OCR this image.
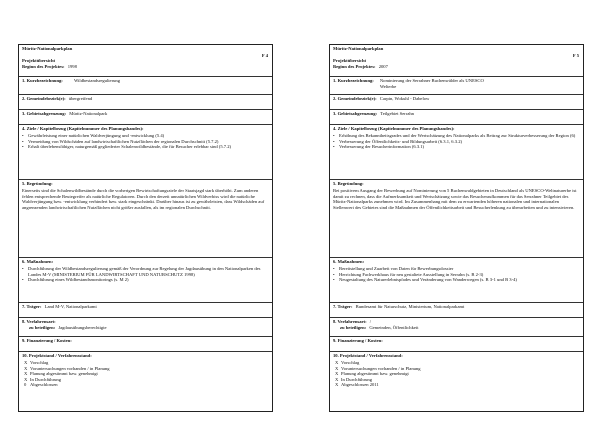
Müritz-Nationalparkplan
F 4
Projektübersicht
Beginn des Projektes: 1998
1. Kurzbezeichnung: Wildbestandsregulierung
2. Gemeindebezirk(e): übergreifend
3. Gebietsabgrenzung: Müritz-Nationalpark
4. Ziele / Kapitelbezug (Kapitelnummer des Planungsbandes):
• Gewährleistung einer natürlichen Waldverjüngung und -entwicklung (5.4)
• Vermeidung von Wildschäden auf landwirtschaftlichen Nutzflächen der regionalen Durchschnitt (5.7.2)
• Erhalt überlebensfähiger, naturgemäß gegliederter Schalenwildbestände, die für Besucher erlebbar sind (5.7.2)
5. Begründung:
Einerseits sind die Schalenwildbestände durch die vorherigen Bewirtschaftungsziele der Staatsjagd stark überhöht. Zum anderen fehlen entsprechende Beutegreifer als natürliche Regulatoren. Durch den derzeit unnatürlichen Wildverbiss wird die natürliche Waldverjüngung bzw. -entwicklung verhindert bzw. stark eingeschränkt. Darüber hinaus ist zu gewährleisten, dass Wildschäden auf angrenzenden landwirtschaftlichen Nutzflächen nicht größer ausfallen, als im regionalen Durchschnitt.
6. Maßnahmen:
• Durchführung der Wildbestandsregulierung gemäß der Verordnung zur Regelung der Jagdausübung in den Nationalparken des Landes M-V (MINISTERIUM FÜR LANDWIRTSCHAFT UND NATURSCHUTZ 1998)
• Durchführung eines Wildbestandsmonitorings (s. M 2)
7. Träger: Land M-V, Nationalparkamt
8. Verfahrensart:
zu beteiligen: Jagdausübungsberechtigte
9. Finanzierung / Kosten:
10. Projektstand / Verfahrensstand:
X Vorschlag
X Voruntersuchungen vorhanden / in Planung
X Planung abgestimmt bzw. genehmigt
X In Durchführung
0 Abgeschlossen
Müritz-Nationalparkplan
F 5
Projektübersicht
Beginn des Projektes: 2007
1. Kurzbezeichnung:	Nominierung der Serrahner Buchenwälder als UNESCO Welterbe
2. Gemeindebezirk(e): Carpin, Wokuhl - Dabelow
3. Gebietsabgrenzung: Teilgebiet Serrahn
4. Ziele / Kapitelbezug (Kapitelnummer des Planungsbandes):
• Erhöhung des Bekanntheitsgrades und der Wertschätzung des Nationalparks als Beitrag zur Strukturverbesserung der Region (6)
• Verbesserung der Öffentlichkeits- und Bildungsarbeit (6.3.1, 6.3.2)
• Verbesserung der Besucherinformation (6.3.1)
5. Begründung:
Bei positivem Ausgang der Bewerbung auf Nominierung von 5 Buchenwaldgebieten in Deutschland als UNESCO-Weltnaturerbe ist damit zu rechnen, dass die Aufmerksamkeit und Wertschätzung sowie das Besucheraufkommen für das Serrahner Teilgebiet des Müritz-Nationalparks zunehmen wird. Im Zusammenhang mit dem zu erwartenden höheren nationalen und internationalen Stellenwert des Gebietes sind die Maßnahmen der Öffentlichkeitsarbeit und Besucherlenkung zu überarbeiten und zu intensivieren.
6. Maßnahmen:
• Bereitstellung und Zuarbeit von Daten für Bewerbungsdossier
• Herrichtung Fachwerkhaus für neu gestaltete Ausstellung in Serrahn (s. B 2-3)
• Neugestaltung des Naturerlebnispfades und Veränderung von Wanderwegen (s. B 3-1 und B 3-4)
7. Träger: Bundesamt für Naturschutz, Ministerium, Nationalparkamt
8. Verfahrensart: /
zu beteiligen: Gemeinden, Öffentlichkeit
9. Finanzierung / Kosten:
10. Projektstand / Verfahrensstand:
X Vorschlag
X Voruntersuchungen vorhanden / in Planung
X Planung abgestimmt bzw. genehmigt
X In Durchführung
X Abgeschlossen 2011
